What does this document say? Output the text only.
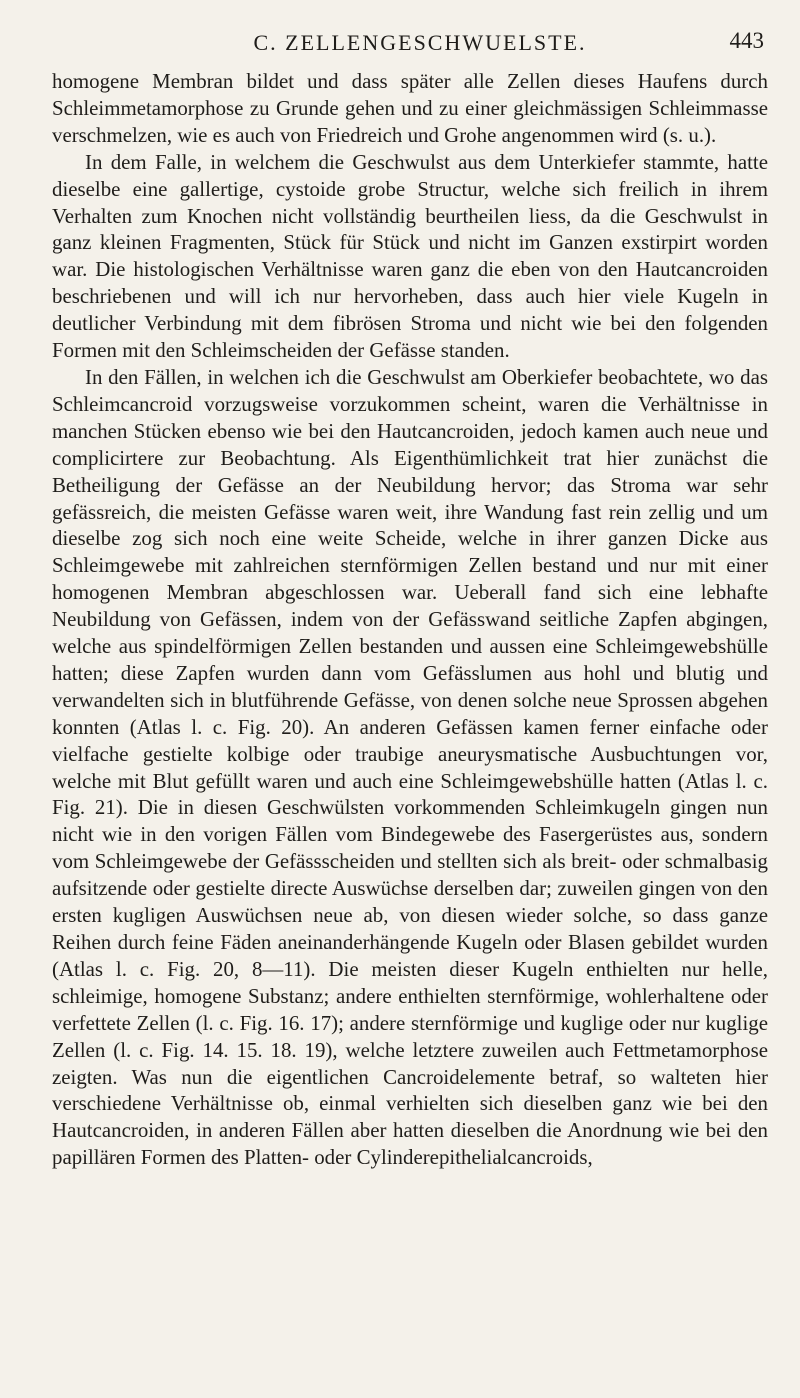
C. ZELLENGESCHWUELSTE.	443

homogene Membran bildet und dass später alle Zellen dieses Haufens durch Schleimmetamorphose zu Grunde gehen und zu einer gleichmässigen Schleimmasse verschmelzen, wie es auch von Friedreich und Grohe angenommen wird (s. u.).

In dem Falle, in welchem die Geschwulst aus dem Unterkiefer stammte, hatte dieselbe eine gallertige, cystoide grobe Structur, welche sich freilich in ihrem Verhalten zum Knochen nicht vollständig beurtheilen liess, da die Geschwulst in ganz kleinen Fragmenten, Stück für Stück und nicht im Ganzen exstirpirt worden war. Die histologischen Verhältnisse waren ganz die eben von den Hautcancroiden beschriebenen und will ich nur hervorheben, dass auch hier viele Kugeln in deutlicher Verbindung mit dem fibrösen Stroma und nicht wie bei den folgenden Formen mit den Schleimscheiden der Gefässe standen.

In den Fällen, in welchen ich die Geschwulst am Oberkiefer beobachtete, wo das Schleimcancroid vorzugsweise vorzukommen scheint, waren die Verhältnisse in manchen Stücken ebenso wie bei den Hautcancroiden, jedoch kamen auch neue und complicirtere zur Beobachtung. Als Eigenthümlichkeit trat hier zunächst die Betheiligung der Gefässe an der Neubildung hervor; das Stroma war sehr gefässreich, die meisten Gefässe waren weit, ihre Wandung fast rein zellig und um dieselbe zog sich noch eine weite Scheide, welche in ihrer ganzen Dicke aus Schleimgewebe mit zahlreichen sternförmigen Zellen bestand und nur mit einer homogenen Membran abgeschlossen war. Ueberall fand sich eine lebhafte Neubildung von Gefässen, indem von der Gefässwand seitliche Zapfen abgingen, welche aus spindelförmigen Zellen bestanden und aussen eine Schleimgewebshülle hatten; diese Zapfen wurden dann vom Gefässlumen aus hohl und blutig und verwandelten sich in blutführende Gefässe, von denen solche neue Sprossen abgehen konnten (Atlas l. c. Fig. 20). An anderen Gefässen kamen ferner einfache oder vielfache gestielte kolbige oder traubige aneurysmatische Ausbuchtungen vor, welche mit Blut gefüllt waren und auch eine Schleimgewebshülle hatten (Atlas l. c. Fig. 21). Die in diesen Geschwülsten vorkommenden Schleimkugeln gingen nun nicht wie in den vorigen Fällen vom Bindegewebe des Fasergerüstes aus, sondern vom Schleimgewebe der Gefässscheiden und stellten sich als breit- oder schmalbasig aufsitzende oder gestielte directe Auswüchse derselben dar; zuweilen gingen von den ersten kugligen Auswüchsen neue ab, von diesen wieder solche, so dass ganze Reihen durch feine Fäden aneinanderhängende Kugeln oder Blasen gebildet wurden (Atlas l. c. Fig. 20, 8—11). Die meisten dieser Kugeln enthielten nur helle, schleimige, homogene Substanz; andere enthielten sternförmige, wohlerhaltene oder verfettete Zellen (l. c. Fig. 16. 17); andere sternförmige und kuglige oder nur kuglige Zellen (l. c. Fig. 14. 15. 18. 19), welche letztere zuweilen auch Fettmetamorphose zeigten. Was nun die eigentlichen Cancroidelemente betraf, so walteten hier verschiedene Verhältnisse ob, einmal verhielten sich dieselben ganz wie bei den Hautcancroiden, in anderen Fällen aber hatten dieselben die Anordnung wie bei den papillären Formen des Platten- oder Cylinderepithelialcancroids,
